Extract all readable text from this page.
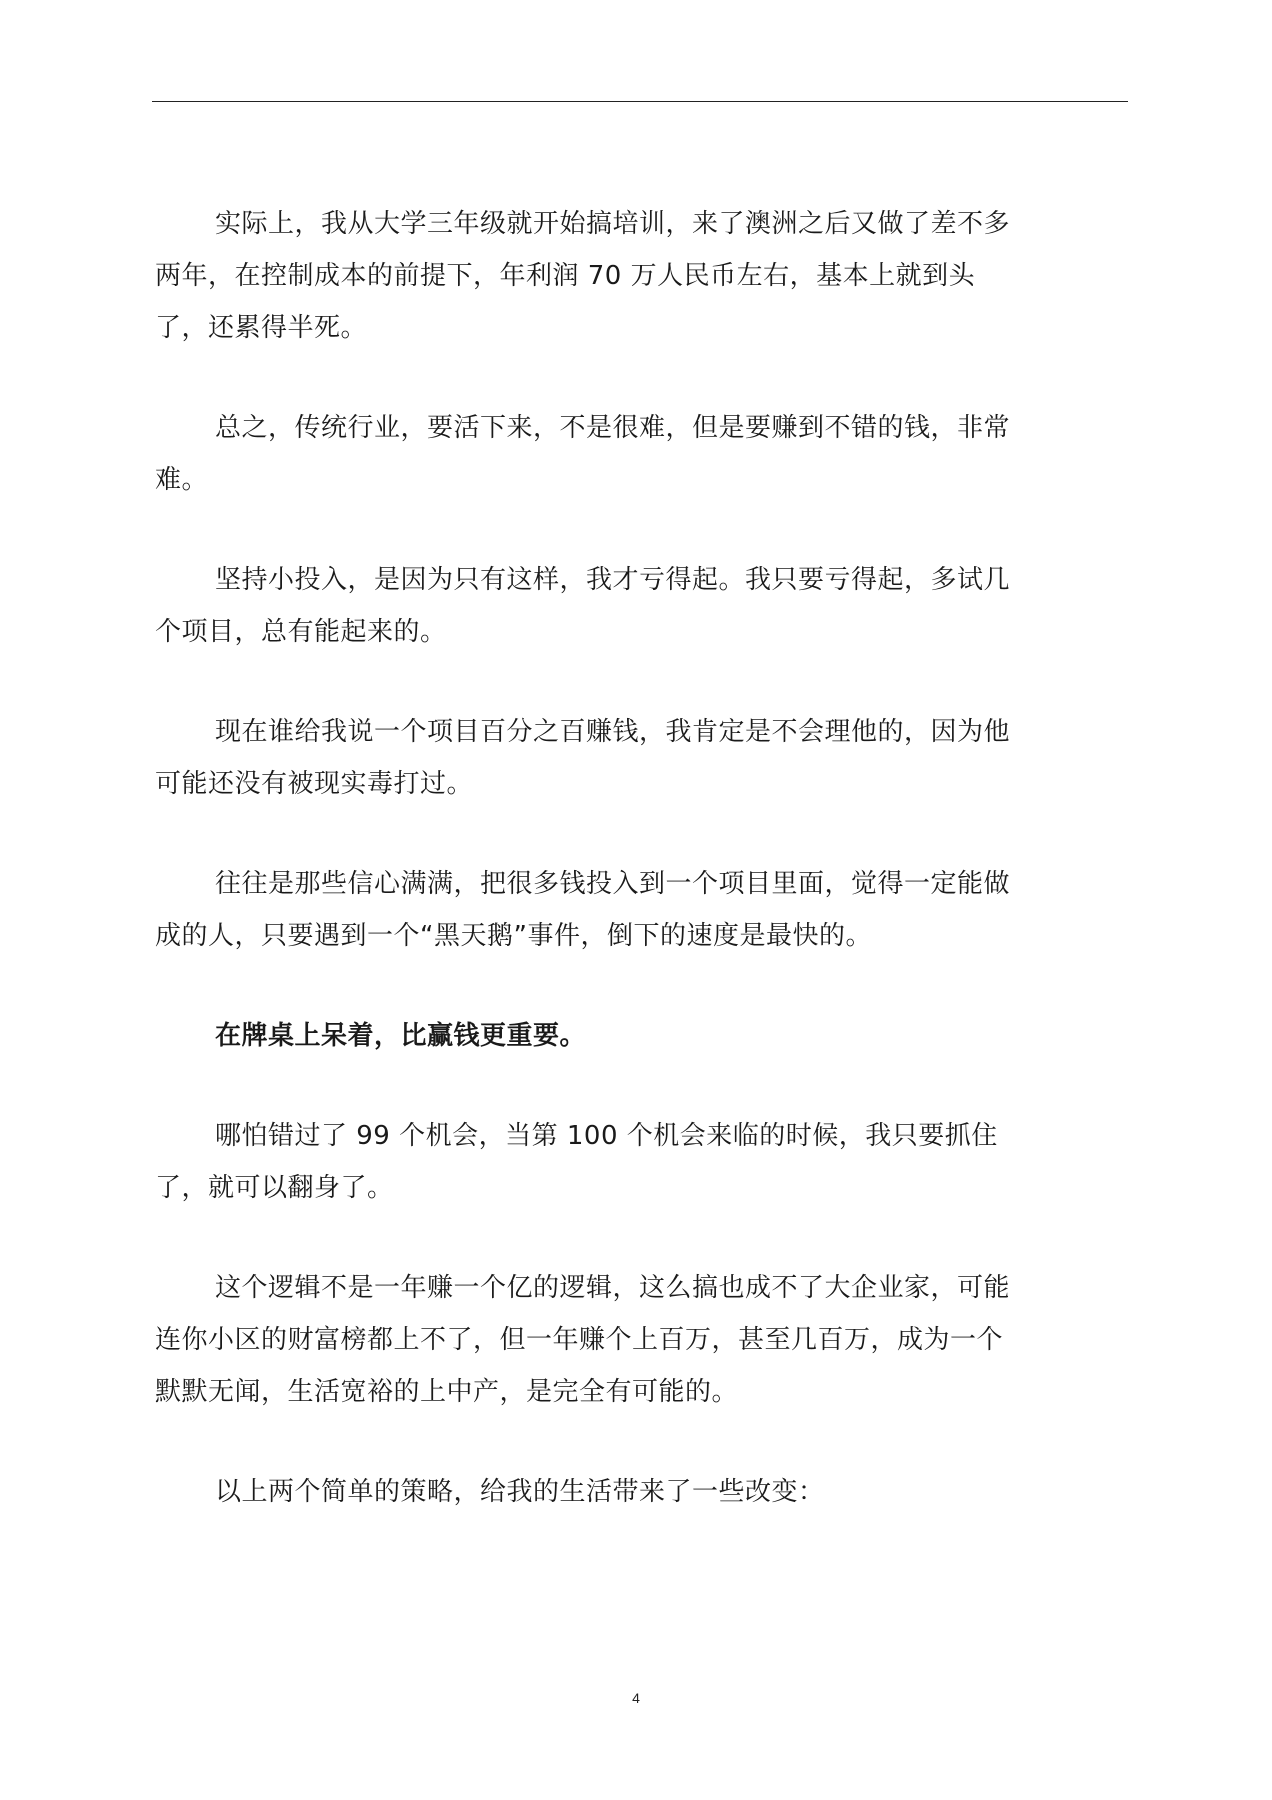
实际上，我从大学三年级就开始搞培训，来了澳洲之后又做了差不多
两年，在控制成本的前提下，年利润 70 万人民币左右，基本上就到头
了，还累得半死。

总之，传统行业，要活下来，不是很难，但是要赚到不错的钱，非常
难。

坚持小投入，是因为只有这样，我才亏得起。我只要亏得起，多试几
个项目，总有能起来的。

现在谁给我说一个项目百分之百赚钱，我肯定是不会理他的，因为他
可能还没有被现实毒打过。

往往是那些信心满满，把很多钱投入到一个项目里面，觉得一定能做
成的人，只要遇到一个“黑天鹅”事件，倒下的速度是最快的。

在牌桌上呆着，比赢钱更重要。

哪怕错过了 99 个机会，当第 100 个机会来临的时候，我只要抓住
了，就可以翻身了。

这个逻辑不是一年赚一个亿的逻辑，这么搞也成不了大企业家，可能
连你小区的财富榜都上不了，但一年赚个上百万，甚至几百万，成为一个
默默无闻，生活宽裕的上中产，是完全有可能的。

以上两个简单的策略，给我的生活带来了一些改变：

4
